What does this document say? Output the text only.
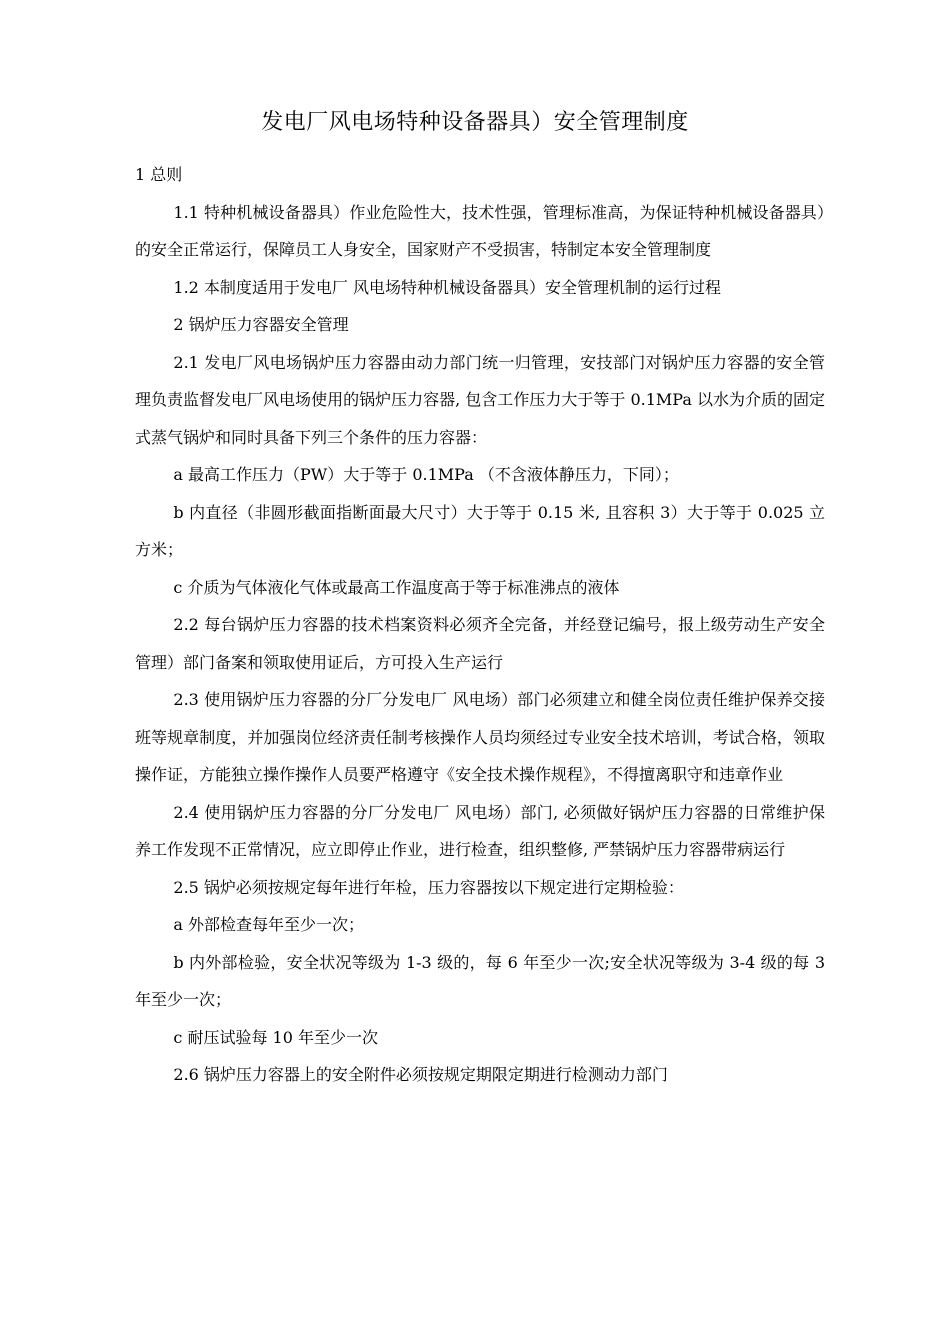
发电厂风电场特种设备器具）安全管理制度

1 总则

1.1 特种机械设备器具）作业危险性大，技术性强，管理标准高，为保证特种机械设备器具）的安全正常运行，保障员工人身安全，国家财产不受损害，特制定本安全管理制度

1.2 本制度适用于发电厂 风电场特种机械设备器具）安全管理机制的运行过程

2 锅炉压力容器安全管理

2.1 发电厂风电场锅炉压力容器由动力部门统一归管理，安技部门对锅炉压力容器的安全管理负责监督发电厂风电场使用的锅炉压力容器, 包含工作压力大于等于 0.1MPa 以水为介质的固定式蒸气锅炉和同时具备下列三个条件的压力容器：

a 最高工作压力（PW）大于等于 0.1MPa （不含液体静压力，下同）；

b 内直径（非圆形截面指断面最大尺寸）大于等于 0.15 米, 且容积 3）大于等于 0.025 立方米；

c 介质为气体液化气体或最高工作温度高于等于标准沸点的液体

2.2 每台锅炉压力容器的技术档案资料必须齐全完备，并经登记编号，报上级劳动生产安全管理）部门备案和领取使用证后，方可投入生产运行

2.3 使用锅炉压力容器的分厂分发电厂 风电场）部门必须建立和健全岗位责任维护保养交接班等规章制度，并加强岗位经济责任制考核操作人员均须经过专业安全技术培训，考试合格，领取操作证，方能独立操作操作人员要严格遵守《安全技术操作规程》，不得擅离职守和违章作业

2.4 使用锅炉压力容器的分厂分发电厂 风电场）部门, 必须做好锅炉压力容器的日常维护保养工作发现不正常情况，应立即停止作业，进行检查，组织整修, 严禁锅炉压力容器带病运行

2.5 锅炉必须按规定每年进行年检，压力容器按以下规定进行定期检验：

a 外部检查每年至少一次；

b 内外部检验，安全状况等级为 1-3 级的，每 6 年至少一次;安全状况等级为 3-4 级的每 3 年至少一次；

c 耐压试验每 10 年至少一次

2.6 锅炉压力容器上的安全附件必须按规定期限定期进行检测动力部门
